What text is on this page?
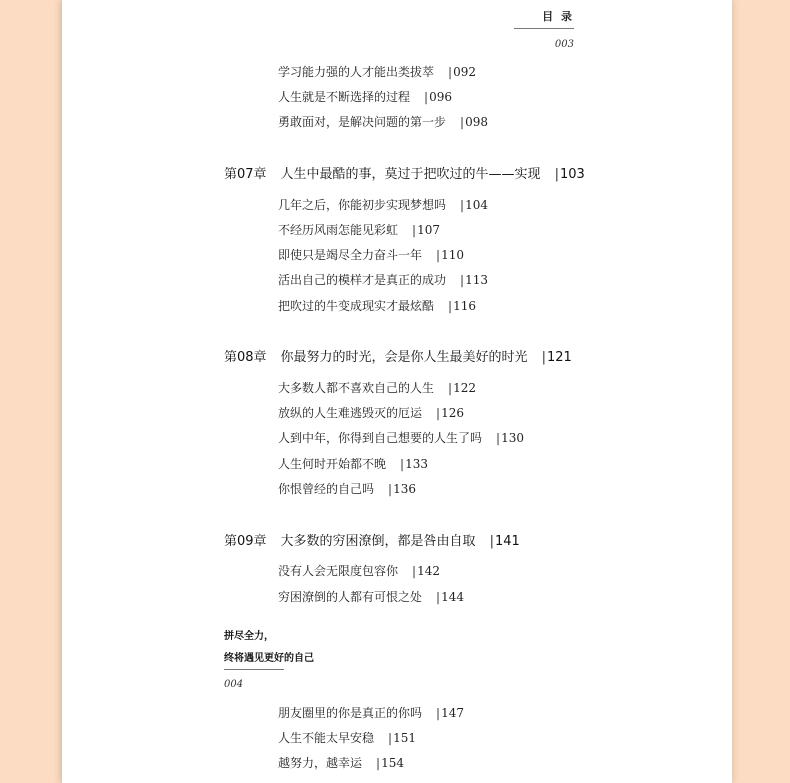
目 录
003
学习能力强的人才能出类拔萃 |092
人生就是不断选择的过程 |096
勇敢面对，是解决问题的第一步 |098
第07章 人生中最酷的事，莫过于把吹过的牛——实现 |103
几年之后，你能初步实现梦想吗 |104
不经历风雨怎能见彩虹 |107
即使只是竭尽全力奋斗一年 |110
活出自己的模样才是真正的成功 |113
把吹过的牛变成现实才最炫酷 |116
第08章 你最努力的时光，会是你人生最美好的时光 |121
大多数人都不喜欢自己的人生 |122
放纵的人生难逃毁灭的厄运 |126
人到中年，你得到自己想要的人生了吗 |130
人生何时开始都不晚 |133
你恨曾经的自己吗 |136
第09章 大多数的穷困潦倒，都是咎由自取 |141
没有人会无限度包容你 |142
穷困潦倒的人都有可恨之处 |144
拼尽全力，
终将遇见更好的自己
004
朋友圈里的你是真正的你吗 |147
人生不能太早安稳 |151
越努力，越幸运 |154
